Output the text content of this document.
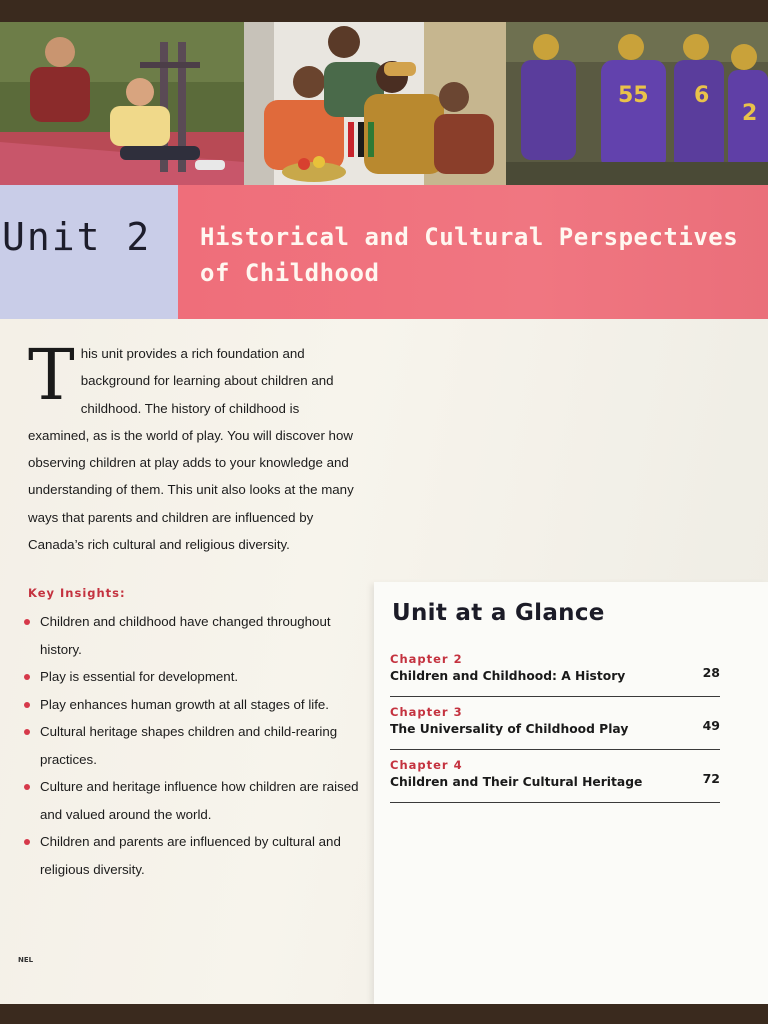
55 6
2
Unit 2 Historical and Cultural Perspectives of Childhood
This unit provides a rich foundation and background for learning about children and childhood. The history of childhood is examined, as is the world of play. You will discover how observing children at play adds to your knowledge and understanding of them. This unit also looks at the many ways that parents and children are influenced by Canada’s rich cultural and religious diversity.
Key Insights:
Children and childhood have changed throughout history.
Play is essential for development.
Play enhances human growth at all stages of life.
Cultural heritage shapes children and child-rearing practices.
Culture and heritage influence how children are raised and valued around the world.
Children and parents are influenced by cultural and religious diversity.
NEL
Unit at a Glance
Chapter 2
Children and Childhood: A History	28
Chapter 3
The Universality of Childhood Play	49
Chapter 4
Children and Their Cultural Heritage	72
